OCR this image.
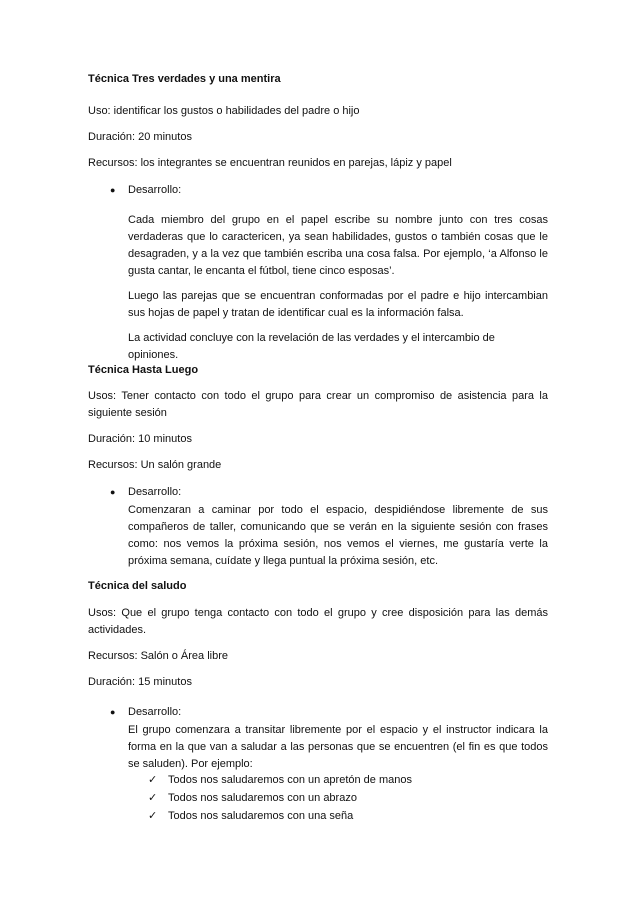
Técnica Tres verdades y una mentira

Uso: identificar los gustos o habilidades del padre o hijo

Duración: 20 minutos

Recursos: los integrantes se encuentran reunidos en parejas, lápiz y papel

●	Desarrollo:

Cada miembro del grupo en el papel escribe su nombre junto con tres cosas verdaderas que lo caractericen, ya sean habilidades, gustos o también cosas que le desagraden, y a la vez que también escriba una cosa falsa. Por ejemplo, ‘a Alfonso le gusta cantar, le encanta el fútbol, tiene cinco esposas’.

Luego las parejas que se encuentran conformadas por el padre e hijo intercambian sus hojas de papel y tratan de identificar cual es la información falsa.

La actividad concluye con la revelación de las verdades y el intercambio de opiniones.

Técnica Hasta Luego

Usos: Tener contacto con todo el grupo para crear un compromiso de asistencia para la siguiente sesión

Duración: 10 minutos

Recursos: Un salón grande

●	Desarrollo:

Comenzaran a caminar por todo el espacio, despidiéndose libremente de sus compañeros de taller, comunicando que se verán en la siguiente sesión con frases como: nos vemos la próxima sesión, nos vemos el viernes, me gustaría verte la próxima semana, cuídate y llega puntual la próxima sesión, etc.

Técnica del saludo

Usos: Que el grupo tenga contacto con todo el grupo y cree disposición para las demás actividades.

Recursos: Salón o Área libre

Duración: 15 minutos

●	Desarrollo:

El grupo comenzara a transitar libremente por el espacio y el instructor indicara la forma en la que van a saludar a las personas que se encuentren (el fin es que todos se saluden). Por ejemplo:

✓ Todos nos saludaremos con un apretón de manos

✓ Todos nos saludaremos con un abrazo

✓ Todos nos saludaremos con una seña
